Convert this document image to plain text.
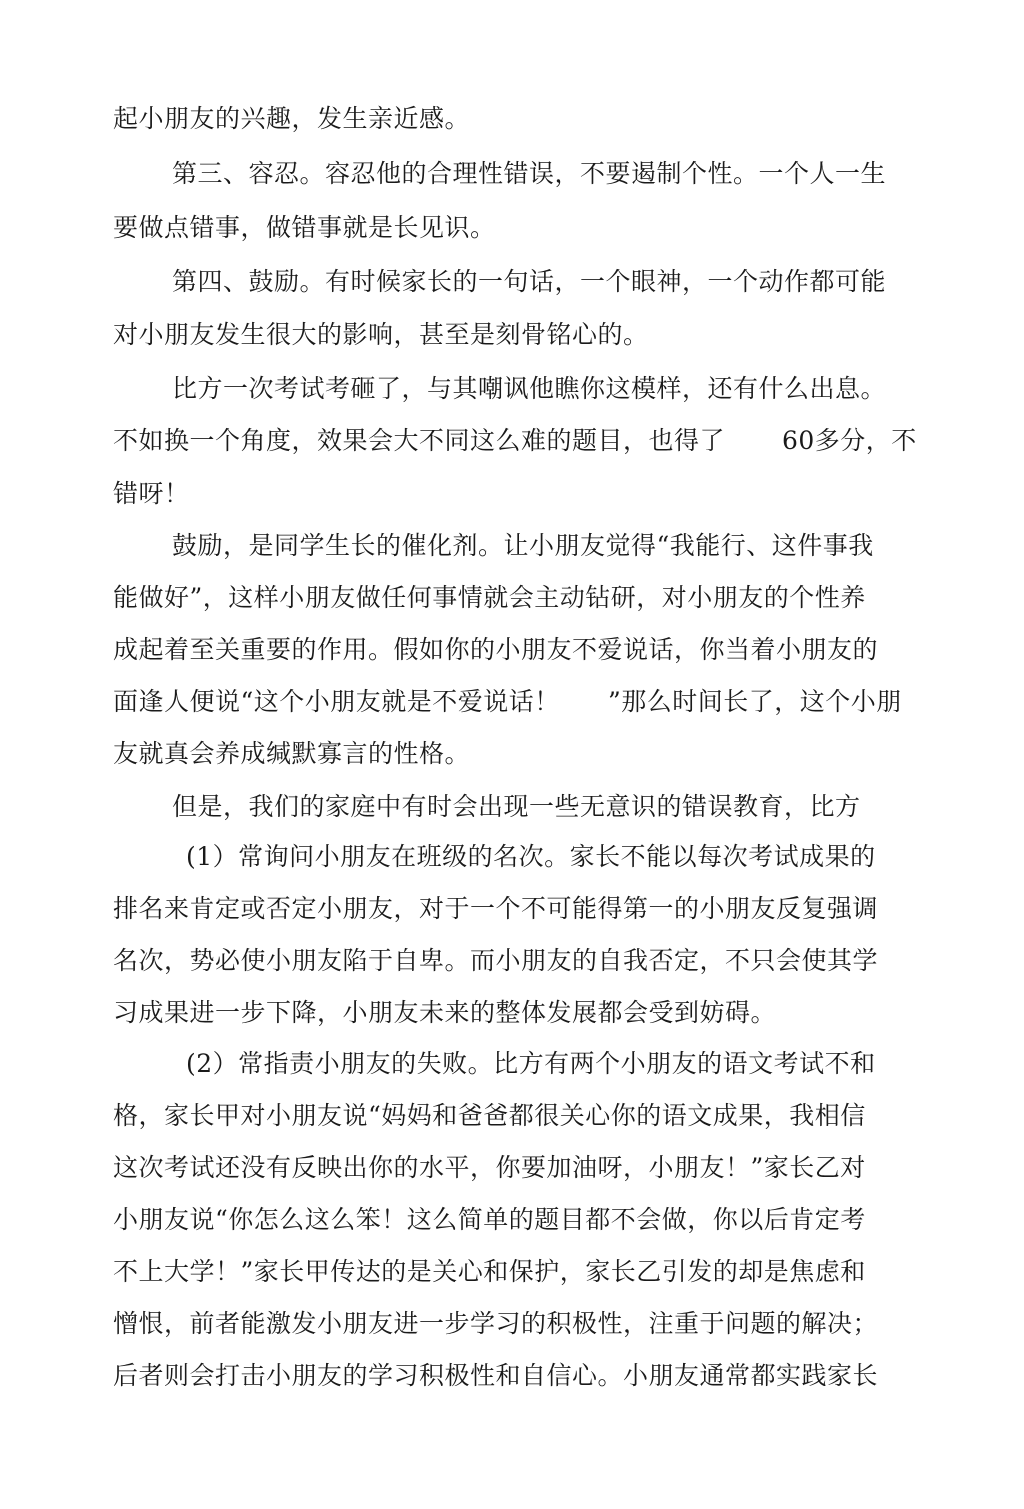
起小朋友的兴趣，发生亲近感。
第三、容忍。容忍他的合理性错误，不要遏制个性。一个人一生
要做点错事，做错事就是长见识。
第四、鼓励。有时候家长的一句话，一个眼神，一个动作都可能
对小朋友发生很大的影响，甚至是刻骨铭心的。
比方一次考试考砸了，与其嘲讽他瞧你这模样，还有什么出息。
不如换一个角度，效果会大不同这么难的题目，也得了 60多分，不
错呀！
鼓励，是同学生长的催化剂。让小朋友觉得“我能行、这件事我
能做好”，这样小朋友做任何事情就会主动钻研，对小朋友的个性养
成起着至关重要的作用。假如你的小朋友不爱说话，你当着小朋友的
面逢人便说“这个小朋友就是不爱说话！ ”那么时间长了，这个小朋
友就真会养成缄默寡言的性格。
但是，我们的家庭中有时会出现一些无意识的错误教育，比方
(1）常询问小朋友在班级的名次。家长不能以每次考试成果的
排名来肯定或否定小朋友，对于一个不可能得第一的小朋友反复强调
名次，势必使小朋友陷于自卑。而小朋友的自我否定，不只会使其学
习成果进一步下降，小朋友未来的整体发展都会受到妨碍。
(2）常指责小朋友的失败。比方有两个小朋友的语文考试不和
格，家长甲对小朋友说“妈妈和爸爸都很关心你的语文成果，我相信
这次考试还没有反映出你的水平，你要加油呀，小朋友！”家长乙对
小朋友说“你怎么这么笨！这么简单的题目都不会做，你以后肯定考
不上大学！”家长甲传达的是关心和保护，家长乙引发的却是焦虑和
憎恨，前者能激发小朋友进一步学习的积极性，注重于问题的解决；
后者则会打击小朋友的学习积极性和自信心。小朋友通常都实践家长
